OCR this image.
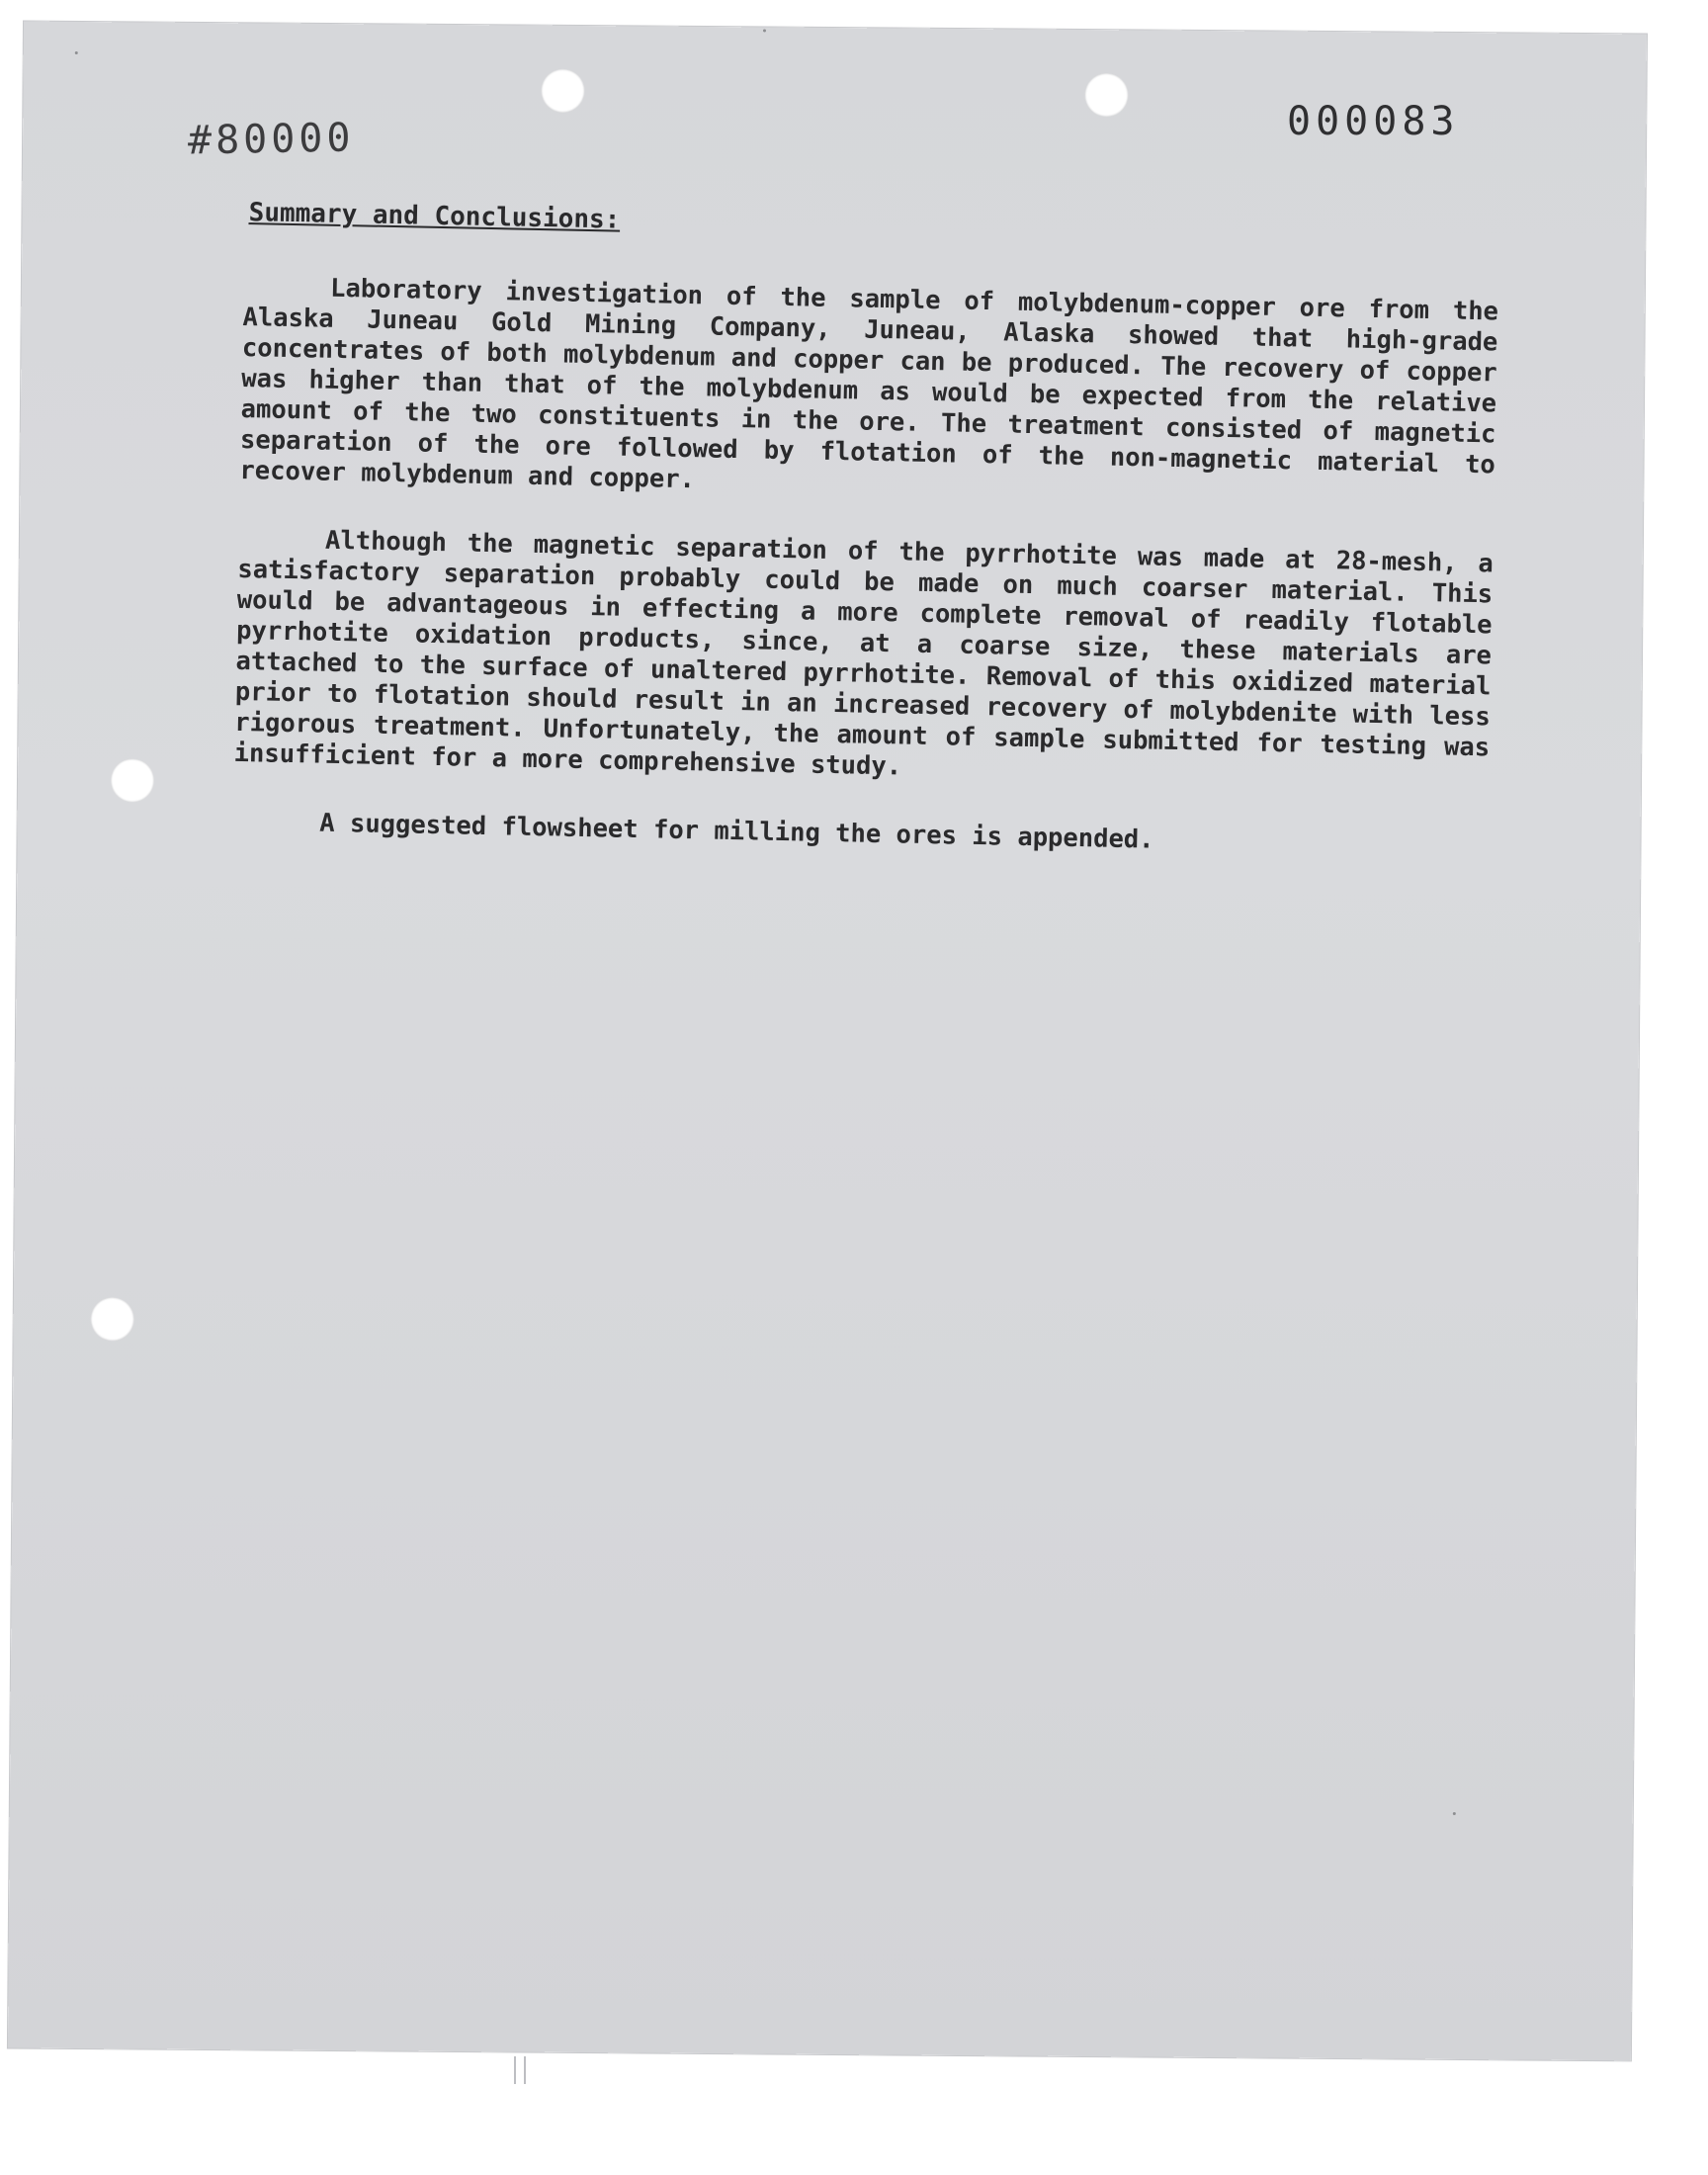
#80000	000083
Summary and Conclusions:

Laboratory investigation of the sample of molybdenum-copper ore from the Alaska Juneau Gold Mining Company, Juneau, Alaska showed that high-grade concentrates of both molybdenum and copper can be produced. The recovery of copper was higher than that of the molybdenum as would be expected from the relative amount of the two constituents in the ore. The treatment consisted of magnetic separation of the ore followed by flotation of the non-magnetic material to recover molybdenum and copper.

Although the magnetic separation of the pyrrhotite was made at 28-mesh, a satisfactory separation probably could be made on much coarser material. This would be advantageous in effecting a more complete removal of readily flotable pyrrhotite oxidation products, since, at a coarse size, these materials are attached to the surface of unaltered pyrrhotite. Removal of this oxidized material prior to flotation should result in an increased recovery of molybdenite with less rigorous treatment. Unfortunately, the amount of sample submitted for testing was insufficient for a more comprehensive study.

A suggested flowsheet for milling the ores is appended.
